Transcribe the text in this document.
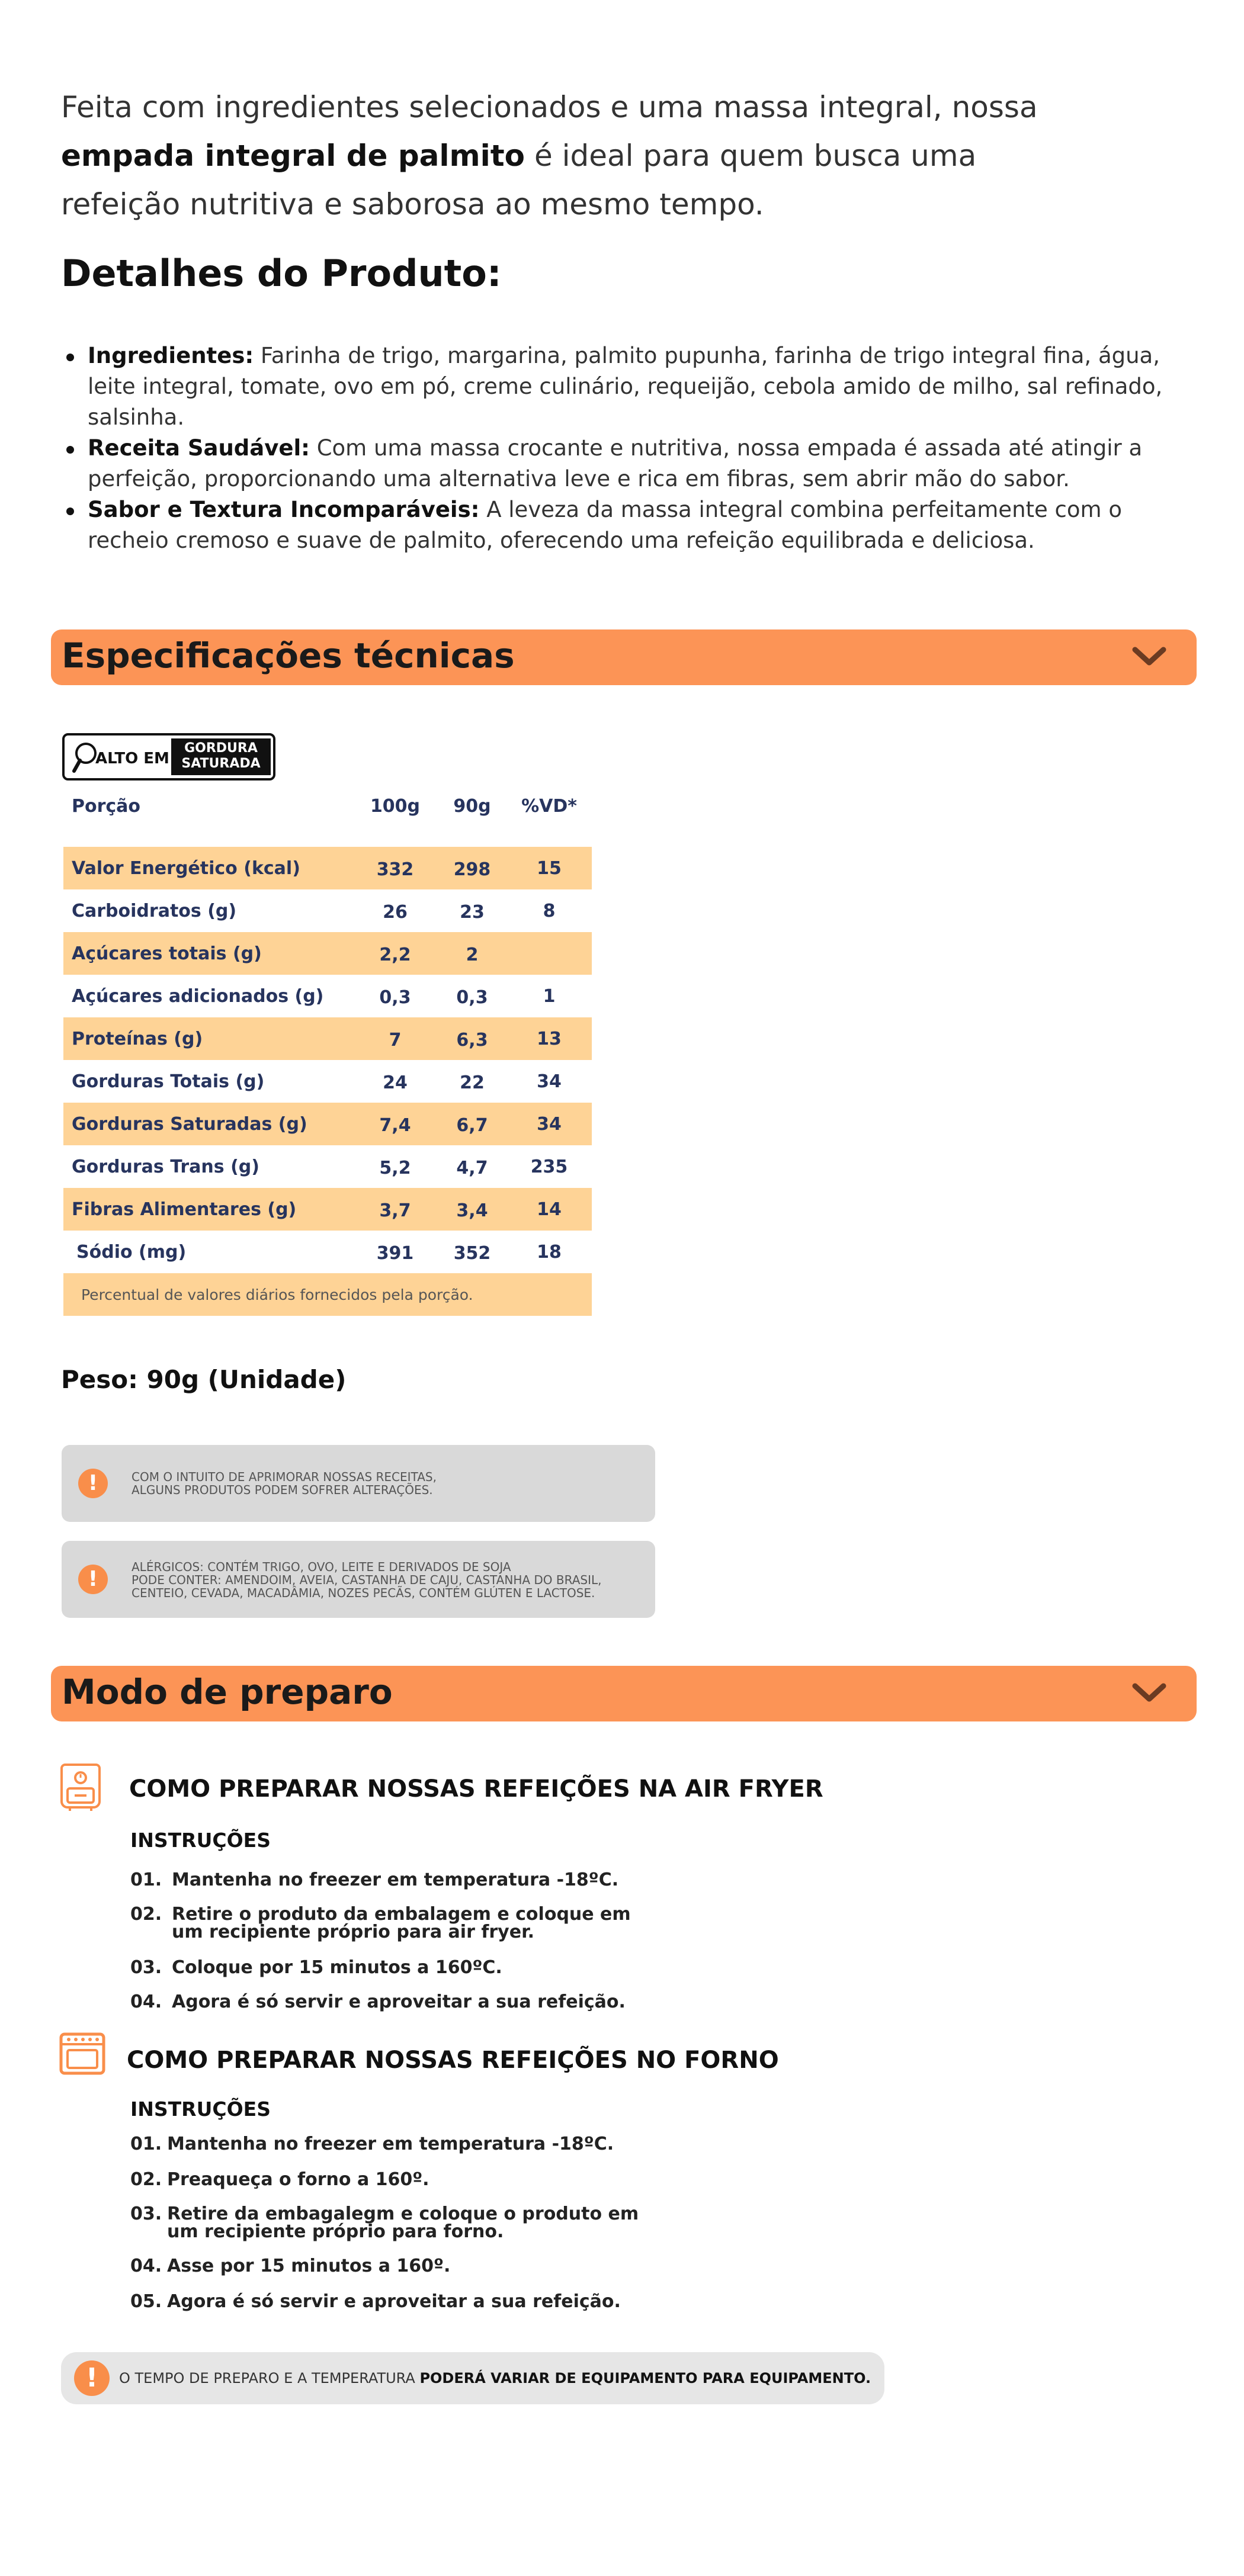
Feita com ingredientes selecionados e uma massa integral, nossa
empada integral de palmito é ideal para quem busca uma
refeição nutritiva e saborosa ao mesmo tempo.

Detalhes do Produto:
Ingredientes: Farinha de trigo, margarina, palmito pupunha, farinha de trigo integral fina, água, leite integral, tomate, ovo em pó, creme culinário, requeijão, cebola amido de milho, sal refinado, salsinha.
Receita Saudável: Com uma massa crocante e nutritiva, nossa empada é assada até atingir a perfeição, proporcionando uma alternativa leve e rica em fibras, sem abrir mão do sabor.
Sabor e Textura Incomparáveis: A leveza da massa integral combina perfeitamente com o recheio cremoso e suave de palmito, oferecendo uma refeição equilibrada e deliciosa.
Especificações técnicas
ALTO EM
GORDURA
SATURADA
Porção	100g	90g	%VD*
Valor Energético (kcal)	332	298	15
Carboidratos (g)	26	23	8
Açúcares totais (g)	2,2	2
Açúcares adicionados (g)	0,3	0,3	1
Proteínas (g)	7	6,3	13
Gorduras Totais (g)	24	22	34
Gorduras Saturadas (g)	7,4	6,7	34
Gorduras Trans (g)	5,2	4,7	235
Fibras Alimentares (g)	3,7	3,4	14
Sódio (mg)	391	352	18
Percentual de valores diários fornecidos pela porção.
Peso: 90g (Unidade)
!	COM O INTUITO DE APRIMORAR NOSSAS RECEITAS,
ALGUNS PRODUTOS PODEM SOFRER ALTERAÇÕES.
!	ALÉRGICOS: CONTÉM TRIGO, OVO, LEITE E DERIVADOS DE SOJA
PODE CONTER: AMENDOIM, AVEIA, CASTANHA DE CAJU, CASTANHA DO BRASIL,
CENTEIO, CEVADA, MACADÂMIA, NOZES PECÃS, CONTÉM GLÚTEN E LACTOSE.
Modo de preparo
COMO PREPARAR NOSSAS REFEIÇÕES NA AIR FRYER
INSTRUÇÕES
01. Mantenha no freezer em temperatura -18ºC.
02. Retire o produto da embalagem e coloque em
um recipiente próprio para air fryer.
03. Coloque por 15 minutos a 160ºC.
04. Agora é só servir e aproveitar a sua refeição.
COMO PREPARAR NOSSAS REFEIÇÕES NO FORNO
INSTRUÇÕES
01. Mantenha no freezer em temperatura -18ºC.
02. Preaqueça o forno a 160º.
03. Retire da embagalegm e coloque o produto em
um recipiente próprio para forno.
04. Asse por 15 minutos a 160º.
05. Agora é só servir e aproveitar a sua refeição.
!	O TEMPO DE PREPARO E A TEMPERATURA PODERÁ VARIAR DE EQUIPAMENTO PARA EQUIPAMENTO.
